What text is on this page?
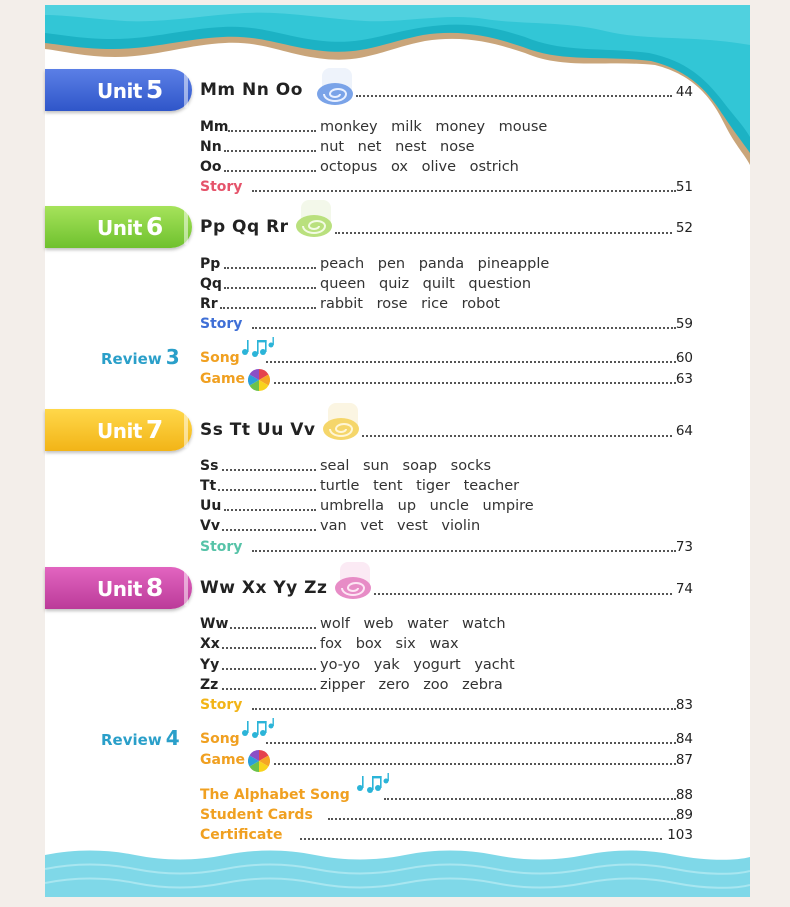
Unit 5 Mm Nn Oo	44
Mm	monkey milk money mouse
Nn	nut net nest nose
Oo	octopus ox olive ostrich
Story	51
Unit 6 Pp Qq Rr	52
Pp	peach pen panda pineapple
Qq	queen quiz quilt question
Rr	rabbit rose rice robot
Story	59
Review 3 Song	60
Game	63
Unit 7 Ss Tt Uu Vv	64
Ss	seal sun soap socks
Tt	turtle tent tiger teacher
Uu	umbrella up uncle umpire
Vv	van vet vest violin
Story	73
Unit 8 Ww Xx Yy Zz	74
Ww	wolf web water watch
Xx	fox box six wax
Yy	yo-yo yak yogurt yacht
Zz	zipper zero zoo zebra
Story	83
Review 4 Song	84
Game	87
The Alphabet Song	88
Student Cards	89
Certificate	103
